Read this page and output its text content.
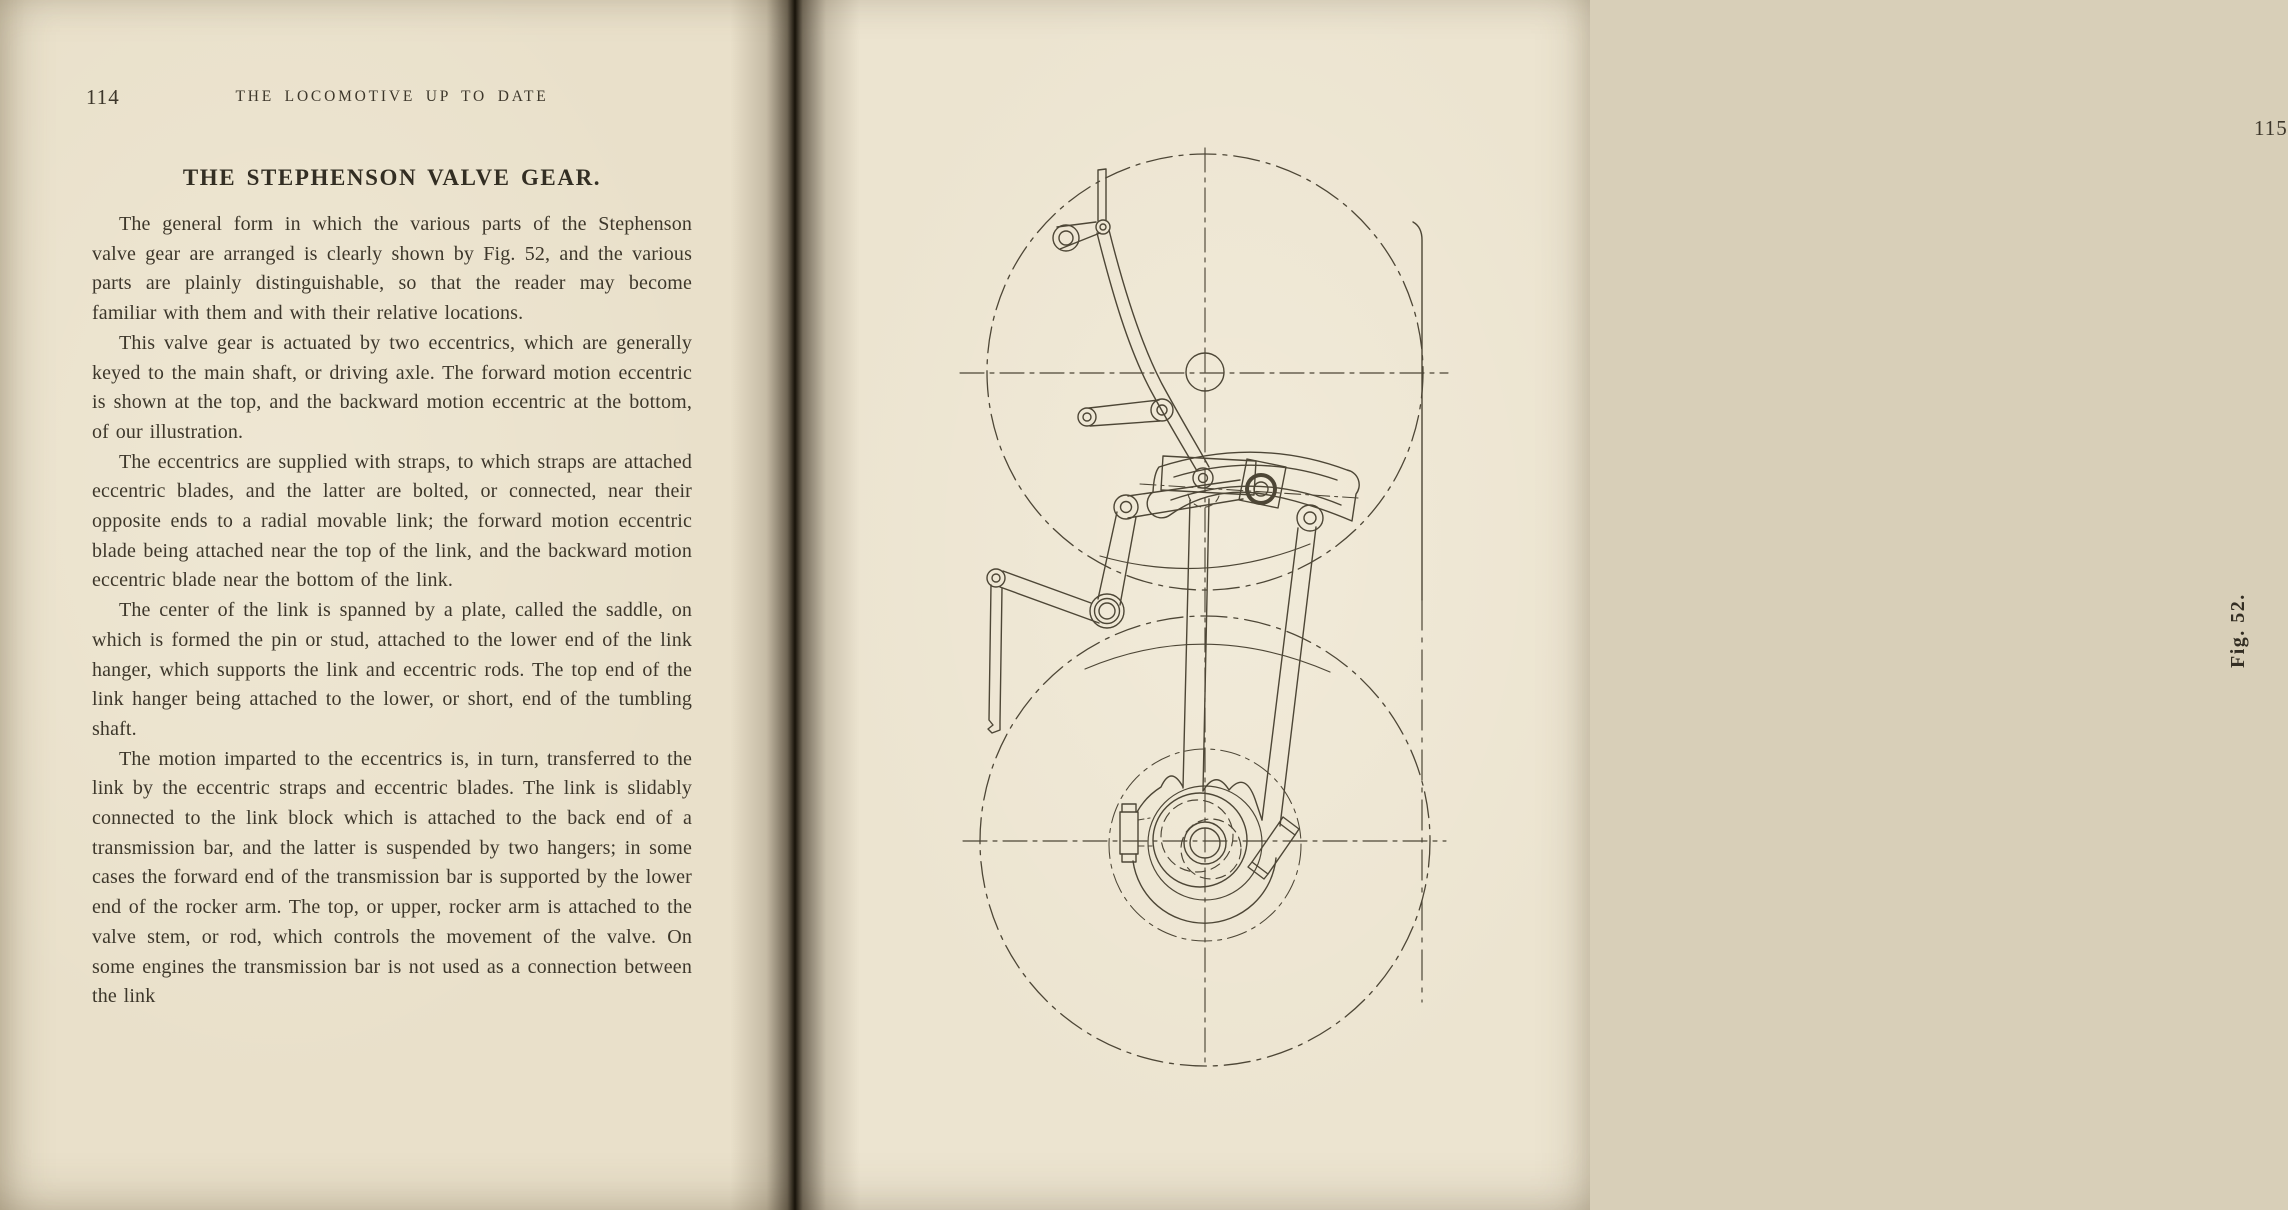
114	THE LOCOMOTIVE UP TO DATE
THE STEPHENSON VALVE GEAR.

The general form in which the various parts of the Stephenson valve gear are arranged is clearly shown by Fig. 52, and the various parts are plainly distinguishable, so that the reader may become familiar with them and with their relative locations.

This valve gear is actuated by two eccentrics, which are generally keyed to the main shaft, or driving axle. The forward motion eccentric is shown at the top, and the backward motion eccentric at the bottom, of our illustration.

The eccentrics are supplied with straps, to which straps are attached eccentric blades, and the latter are bolted, or connected, near their opposite ends to a radial movable link; the forward motion eccentric blade being attached near the top of the link, and the backward motion eccentric blade near the bottom of the link.

The center of the link is spanned by a plate, called the saddle, on which is formed the pin or stud, attached to the lower end of the link hanger, which supports the link and eccentric rods. The top end of the link hanger being attached to the lower, or short, end of the tumbling shaft.

The motion imparted to the eccentrics is, in turn, transferred to the link by the eccentric straps and eccentric blades. The link is slidably connected to the link block which is attached to the back end of a transmission bar, and the latter is suspended by two hangers; in some cases the forward end of the transmission bar is supported by the lower end of the rocker arm. The top, or upper, rocker arm is attached to the valve stem, or rod, which controls the movement of the valve. On some engines the transmission bar is not used as a connection between the link

115
Fig. 52.
